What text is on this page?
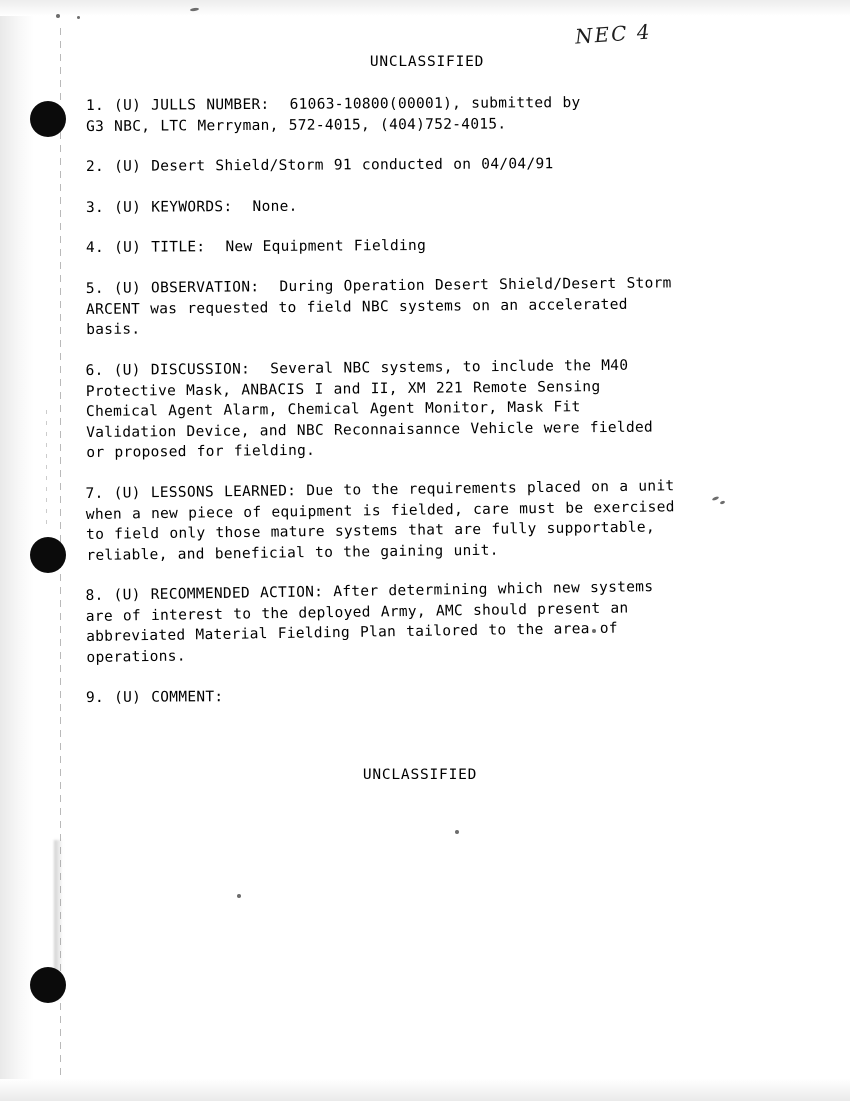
NEC 4
UNCLASSIFIED
1. (U) JULLS NUMBER:  61063-10800(00001), submitted by
G3 NBC, LTC Merryman, 572-4015, (404)752-4015.
2. (U) Desert Shield/Storm 91 conducted on 04/04/91
3. (U) KEYWORDS:  None.
4. (U) TITLE:  New Equipment Fielding
5. (U) OBSERVATION:  During Operation Desert Shield/Desert Storm
ARCENT was requested to field NBC systems on an accelerated
basis.
6. (U) DISCUSSION:  Several NBC systems, to include the M40
Protective Mask, ANBACIS I and II, XM 221 Remote Sensing
Chemical Agent Alarm, Chemical Agent Monitor, Mask Fit
Validation Device, and NBC Reconnaisannce Vehicle were fielded
or proposed for fielding.
7. (U) LESSONS LEARNED: Due to the requirements placed on a unit
when a new piece of equipment is fielded, care must be exercised
to field only those mature systems that are fully supportable,
reliable, and beneficial to the gaining unit.
8. (U) RECOMMENDED ACTION: After determining which new systems
are of interest to the deployed Army, AMC should present an
abbreviated Material Fielding Plan tailored to the area of
operations.
9. (U) COMMENT:
UNCLASSIFIED
